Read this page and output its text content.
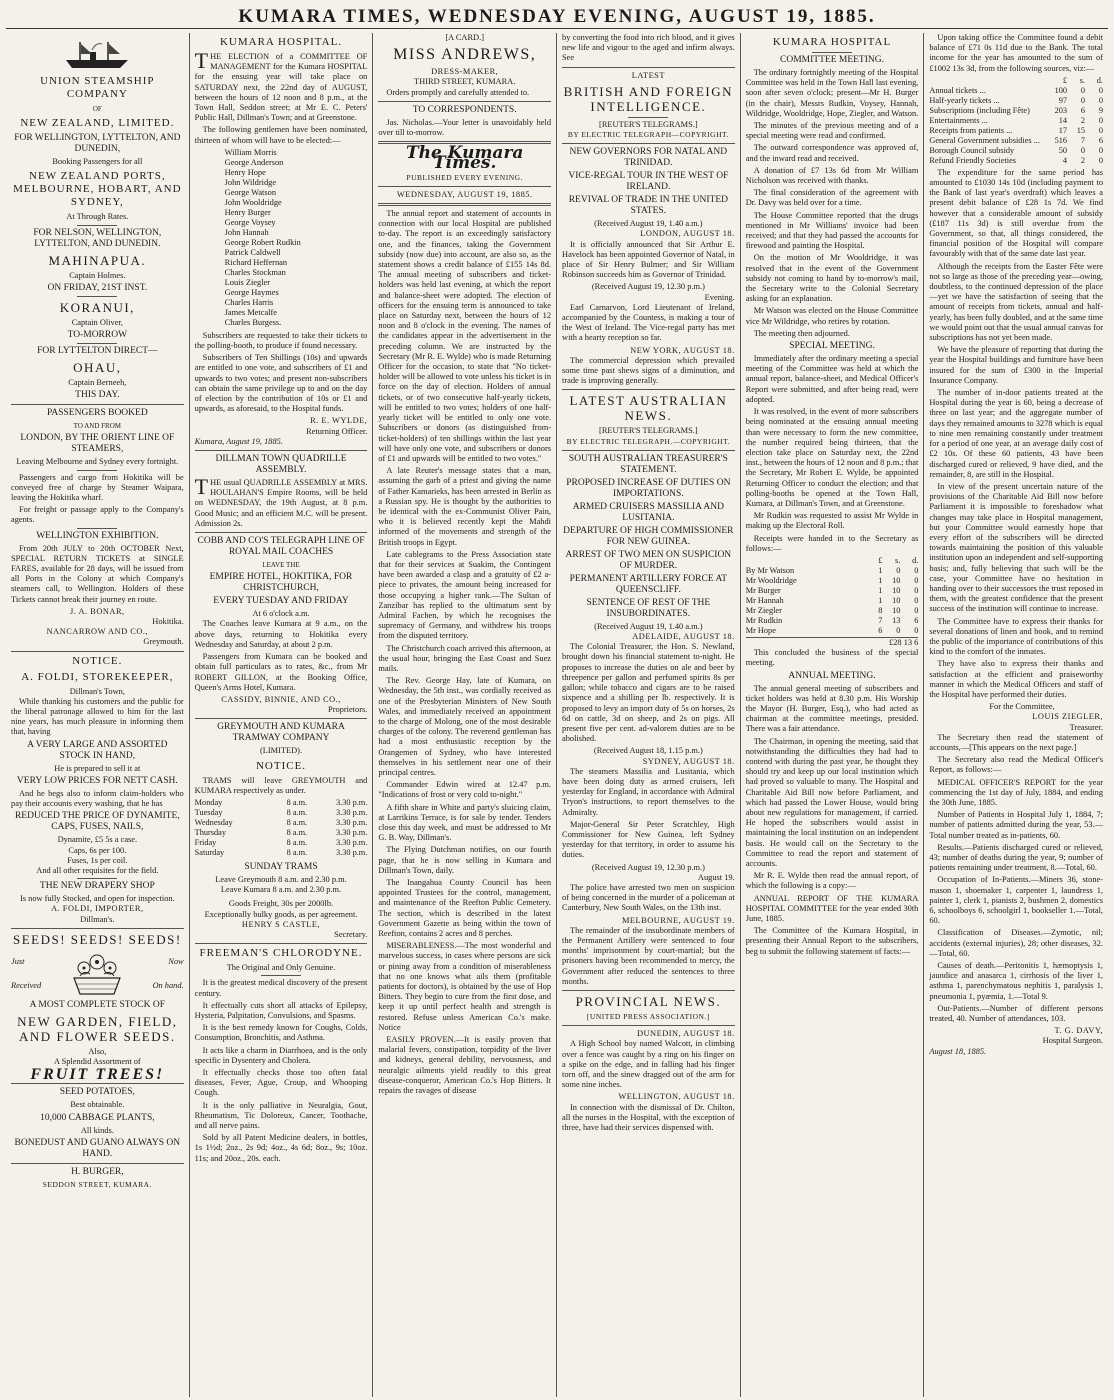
KUMARA TIMES, WEDNESDAY EVENING, AUGUST 19, 1885.
UNION STEAMSHIP COMPANY
OF
NEW ZEALAND, LIMITED.
FOR WELLINGTON, LYTTELTON, AND DUNEDIN,
Booking Passengers for all
NEW ZEALAND PORTS, MELBOURNE, HOBART, AND SYDNEY,
At Through Rates.
FOR NELSON, WELLINGTON, LYTTELTON, AND DUNEDIN.
MAHINAPUA.
Captain Holmes.
ON FRIDAY, 21ST INST.
KORANUI,
Captain Oliver,
TO-MORROW
FOR LYTTELTON DIRECT—
OHAU,
Captain Berneeh,
THIS DAY.
PASSENGERS BOOKED
TO AND FROM
LONDON, BY THE ORIENT LINE OF STEAMERS,
Leaving Melbourne and Sydney every fortnight.

Passengers and cargo from Hokitika will be conveyed free of charge by Steamer Waipara, leaving the Hokitika wharf.

For freight or passage apply to the Company's agents.

WELLINGTON EXHIBITION.

From 20th JULY to 20th OCTOBER Next, SPECIAL RETURN TICKETS at SINGLE FARES, available for 28 days, will be issued from all Ports in the Colony at which Company's steamers call, to Wellington. Holders of these Tickets cannot break their journey en route.

J. A. BONAR,
Hokitika.
NANCARROW AND CO.,
Greymouth.
NOTICE.
A. FOLDI, STOREKEEPER,
Dillman's Town,

While thanking his customers and the public for the liberal patronage allowed to him for the last nine years, has much pleasure in informing them that, having

A VERY LARGE AND ASSORTED STOCK IN HAND,
He is prepared to sell it at
VERY LOW PRICES FOR NETT CASH.

And he begs also to inform claim-holders who pay their accounts every washing, that he has

REDUCED THE PRICE OF DYNAMITE, CAPS, FUSES, NAILS,
Dynamite, £5 5s a case.
Caps, 6s per 100.
Fuses, 1s per coil.
And all other requisites for the field.
THE NEW DRAPERY SHOP
Is now fully Stocked, and open for inspection.
A. FOLDI, IMPORTER,
Dillman's.
SEEDS! SEEDS! SEEDS!
Just
Received
Now
On hand.
A MOST COMPLETE STOCK OF
NEW GARDEN, FIELD, AND FLOWER SEEDS.
Also,
A Splendid Assortment of
FRUIT TREES!
SEED POTATOES,
Best obtainable.
10,000 CABBAGE PLANTS,
All kinds.
BONEDUST AND GUANO ALWAYS ON HAND.
H. BURGER,
SEDDON STREET, KUMARA.
KUMARA HOSPITAL.

THE ELECTION of a COMMITTEE OF MANAGEMENT for the Kumara HOSPITAL for the ensuing year will take place on SATURDAY next, the 22nd day of AUGUST, between the hours of 12 noon and 8 p.m., at the Town Hall, Seddon street; at Mr E. C. Peters' Public Hall, Dillman's Town; and at Greenstone.

The following gentlemen have been nominated, thirteen of whom will have to be elected:—

William Morris
George Anderson
Henry Hope
John Wildridge
George Watson
John Wooldridge
Henry Burger
George Voysey
John Hannah
George Robert Rudkin
Patrick Caldwell
Richard Heffernan
Charles Stockman
Louis Ziegler
George Haymes
Charles Harris
James Metcalfe
Charles Burgess.

Subscribers are requested to take their tickets to the polling-booth, to produce if found necessary.

Subscribers of Ten Shillings (10s) and upwards are entitled to one vote, and subscribers of £1 and upwards to two votes; and present non-subscribers can obtain the same privilege up to and on the day of election by the contribution of 10s or £1 and upwards, as aforesaid, to the Hospital funds.

R. E. WYLDE,
Returning Officer.
Kumara, August 19, 1885.
DILLMAN TOWN QUADRILLE ASSEMBLY.

THE usual QUADRILLE ASSEMBLY at MRS. HOULAHAN'S Empire Rooms, will be held on WEDNESDAY, the 19th August, at 8 p.m. Good Music; and an efficient M.C. will be present. Admission 2s.

COBB AND CO'S TELEGRAPH LINE OF ROYAL MAIL COACHES
LEAVE THE
EMPIRE HOTEL, HOKITIKA, FOR CHRISTCHURCH,
EVERY TUESDAY AND FRIDAY
At 6 o'clock a.m.

The Coaches leave Kumara at 9 a.m., on the above days, returning to Hokitika every Wednesday and Saturday, at about 2 p.m.

Passengers from Kumara can be booked and obtain full particulars as to rates, &c., from Mr ROBERT GILLON, at the Booking Office, Queen's Arms Hotel, Kumara.

CASSIDY, BINNIE, AND CO.,
Proprietors.
GREYMOUTH AND KUMARA TRAMWAY COMPANY
(LIMITED).
NOTICE.

TRAMS will leave GREYMOUTH and KUMARA respectively as under.

Monday	8 a.m.	3.30 p.m.
Tuesday	8 a.m.	3.30 p.m.
Wednesday	8 a.m.	3.30 p.m.
Thursday	8 a.m.	3.30 p.m.
Friday	8 a.m.	3.30 p.m.
Saturday	8 a.m.	3.30 p.m.
SUNDAY TRAMS
Leave Greymouth 8 a.m. and 2.30 p.m.
Leave Kumara 8 a.m. and 2.30 p.m.
Goods Freight, 30s per 2000lb.
Exceptionally bulky goods, as per agreement.
HENRY S CASTLE,
Secretary.
FREEMAN'S CHLORODYNE.
The Original and Only Genuine.

It is the greatest medical discovery of the present century.

It effectually cuts short all attacks of Epilepsy, Hysteria, Palpitation, Convulsions, and Spasms.

It is the best remedy known for Coughs, Colds, Consumption, Bronchitis, and Asthma.

It acts like a charm in Diarrhoea, and is the only specific in Dysentery and Cholera.

It effectually checks those too often fatal diseases, Fever, Ague, Croup, and Whooping Cough.

It is the only palliative in Neuralgia, Gout, Rheumatism, Tic Doloreux, Cancer, Toothache, and all nerve pains.

Sold by all Patent Medicine dealers, in bottles, 1s 1½d; 2oz., 2s 9d; 4oz., 4s 6d; 8oz., 9s; 10oz. 11s; and 20oz., 20s. each.

[A CARD.]
MISS ANDREWS,
DRESS-MAKER,
THIRD STREET, KUMARA.

Orders promptly and carefully attended to.

TO CORRESPONDENTS.

Jas. Nicholas.—Your letter is unavoidably held over till to-morrow.

The Kumara Times.
PUBLISHED EVERY EVENING.
WEDNESDAY, AUGUST 19, 1885.

The annual report and statement of accounts in connection with our local Hospital are published to-day. The report is an exceedingly satisfactory one, and the finances, taking the Government subsidy (now due) into account, are also so, as the statement shows a credit balance of £155 14s 8d. The annual meeting of subscribers and ticket-holders was held last evening, at which the report and balance-sheet were adopted. The election of officers for the ensuing term is announced to take place on Saturday next, between the hours of 12 noon and 8 o'clock in the evening. The names of the candidates appear in the advertisement in the preceding column. We are instructed by the Secretary (Mr R. E. Wylde) who is made Returning Officer for the occasion, to state that "No ticket-holder will be allowed to vote unless his ticket is in force on the day of election. Holders of annual tickets, or of two consecutive half-yearly tickets, will be entitled to two votes; holders of one half-yearly ticket will be entitled to only one vote. Subscribers or donors (as distinguished from-ticket-holders) of ten shillings within the last year will have only one vote, and subscribers or donors of £1 and upwards will be entitled to two votes."

A late Reuter's message states that a man, assuming the garb of a priest and giving the name of Father Kamarieks, has been arrested in Berlin as a Russian spy. He is thought by the authorities to be identical with the ex-Communist Oliver Pain, who it is believed recently kept the Mahdi informed of the movements and strength of the British troops in Egypt.

Late cablegrams to the Press Association state that for their services at Suakim, the Contingent have been awarded a clasp and a gratuity of £2 a-piece to privates, the amount being increased for those occupying a higher rank.—The Sultan of Zanzibar has replied to the ultimatum sent by Admiral Fachen, by which he recognises the supremacy of Germany, and withdrew his troops from the disputed territory.

The Christchurch coach arrived this afternoon, at the usual hour, bringing the East Coast and Suez mails.

The Rev. George Hay, late of Kumara, on Wednesday, the 5th inst., was cordially received as one of the Presbyterian Ministers of New South Wales, and immediately received an appointment to the charge of Molong, one of the most desirable charges of the colony. The reverend gentleman has had a most enthusiastic reception by the Orangemen of Sydney, who have interested themselves in his settlement near one of their principal centres.

Commander Edwin wired at 12.47 p.m. "Indications of frost or very cold to-night."

A fifth share in White and party's sluicing claim, at Larrikins Terrace, is for sale by tender. Tenders close this day week, and must be addressed to Mr G. B. Way, Dillman's.

The Flying Dutchman notifies, on our fourth page, that he is now selling in Kumara and Dillman's Town, daily.

The Inangahua County Council has been appointed Trustees for the control, management, and maintenance of the Reefton Public Cemetery. The section, which is described in the latest Government Gazette as being within the town of Reefton, contains 2 acres and 8 perches.

MISERABLENESS.—The most wonderful and marvelous success, in cases where persons are sick or pining away from a condition of miserableness that no one knows what ails them (profitable patients for doctors), is obtained by the use of Hop Bitters. They begin to cure from the first dose, and keep it up until perfect health and strength is restored. Refuse unless American Co.'s make. Notice

EASILY PROVEN.—It is easily proven that malarial fevers, constipation, torpidity of the liver and kidneys, general debility, nervousness, and neuralgic ailments yield readily to this great disease-conqueror, American Co.'s Hop Bitters. It repairs the ravages of disease

by converting the food into rich blood, and it gives new life and vigour to the aged and infirm always. See

LATEST
BRITISH AND FOREIGN INTELLIGENCE.
[REUTER'S TELEGRAMS.]
BY ELECTRIC TELEGRAPH—COPYRIGHT.
NEW GOVERNORS FOR NATAL AND TRINIDAD.
VICE-REGAL TOUR IN THE WEST OF IRELAND.
REVIVAL OF TRADE IN THE UNITED STATES.
(Received August 19, 1.40 a.m.)
LONDON, AUGUST 18.

It is officially announced that Sir Arthur E. Havelock has been appointed Governor of Natal, in place of Sir Henry Bulmer; and Sir William Robinson succeeds him as Governor of Trinidad.

(Received August 19, 12.30 p.m.)
Evening.

Earl Carnarvon, Lord Lieutenant of Ireland, accompanied by the Countess, is making a tour of the West of Ireland. The Vice-regal party has met with a hearty reception so far.

NEW YORK, AUGUST 18.

The commercial depression which prevailed some time past shews signs of a diminution, and trade is improving generally.

LATEST AUSTRALIAN NEWS.
[REUTER'S TELEGRAMS.]
BY ELECTRIC TELEGRAPH.—COPYRIGHT.
SOUTH AUSTRALIAN TREASURER'S STATEMENT.
PROPOSED INCREASE OF DUTIES ON IMPORTATIONS.
ARMED CRUISERS MASSILIA AND LUSITANIA.
DEPARTURE OF HIGH COMMISSIONER FOR NEW GUINEA.
ARREST OF TWO MEN ON SUSPICION OF MURDER.
PERMANENT ARTILLERY FORCE AT QUEENSCLIFF.
SENTENCE OF REST OF THE INSUBORDINATES.
(Received August 19, 1.40 a.m.)
ADELAIDE, AUGUST 18.

The Colonial Treasurer, the Hon. S. Newland, brought down his financial statement to-night. He proposes to increase the duties on ale and beer by threepence per gallon and perfumed spirits 8s per gallon; while tobacco and cigars are to be raised sixpence and a shilling per lb. respectively. It is proposed to levy an import duty of 5s on horses, 2s 6d on cattle, 3d on sheep, and 2s on pigs. All present five per cent. ad-valorem duties are to be abolished.

(Received August 18, 1.15 p.m.)
SYDNEY, AUGUST 18.

The steamers Massilia and Lusitania, which have been doing duty as armed cruisers, left yesterday for England, in accordance with Admiral Tryon's instructions, to report themselves to the Admiralty.

Major-General Sir Peter Scratchley, High Commissioner for New Guinea, left Sydney yesterday for that territory, in order to assume his duties.

(Received August 19, 12.30 p.m.)
August 19.

The police have arrested two men on suspicion of being concerned in the murder of a policeman at Canterbury, New South Wales, on the 13th inst.

MELBOURNE, AUGUST 19.

The remainder of the insubordinate members of the Permanent Artillery were sentenced to four months' imprisonment by court-martial; but the prisoners having been recommended to mercy, the Government after reduced the sentences to three months.

PROVINCIAL NEWS.
[UNITED PRESS ASSOCIATION.]
DUNEDIN, AUGUST 18.

A High School boy named Walcott, in climbing over a fence was caught by a ring on his finger on a spike on the edge, and in falling had his finger torn off, and the sinew dragged out of the arm for some nine inches.

WELLINGTON, AUGUST 18.

In connection with the dismissal of Dr. Chilton, all the nurses in the Hospital, with the exception of three, have had their services dispensed with.

KUMARA HOSPITAL
COMMITTEE MEETING.

The ordinary fortnightly meeting of the Hospital Committee was held in the Town Hall last evening, soon after seven o'clock; present—Mr H. Burger (in the chair), Messrs Rudkin, Voysey, Hannah, Wildridge, Wooldridge, Hope, Ziegler, and Watson.

The minutes of the previous meeting and of a special meeting were read and confirmed.

The outward correspondence was approved of, and the inward read and received.

A donation of £7 13s 6d from Mr William Nicholson was received with thanks.

The final consideration of the agreement with Dr. Davy was held over for a time.

The House Committee reported that the drugs mentioned in Mr Williams' invoice had been received; and that they had passed the accounts for firewood and painting the Hospital.

On the motion of Mr Wooldridge, it was resolved that in the event of the Government subsidy not coming to hand by to-morrow's mail, the Secretary write to the Colonial Secretary asking for an explanation.

Mr Watson was elected on the House Committee vice Mr Wildridge, who retires by rotation.

The meeting then adjourned.

SPECIAL MEETING.

Immediately after the ordinary meeting a special meeting of the Committee was held at which the annual report, balance-sheet, and Medical Officer's Report were submitted, and after being read, were adopted.

It was resolved, in the event of more subscribers being nominated at the ensuing annual meeting than were necessary to form the new committee, the number required being thirteen, that the election take place on Saturday next, the 22nd inst., between the hours of 12 noon and 8 p.m.; that the Secretary, Mr Robert E. Wylde, be appointed Returning Officer to conduct the election; and that polling-booths be opened at the Town Hall, Kumara, at Dillman's Town, and at Greenstone.

Mr Rudkin was requested to assist Mr Wylde in making up the Electoral Roll.

Receipts were handed in to the Secretary as follows:—

	£	s.	d.
By Mr Watson	1	0	0
Mr Wooldridge	1	10	0
Mr Burger	1	10	0
Mr Hannah	1	10	0
Mr Ziegler	8	10	0
Mr Rudkin	7	13	6
Mr Hope	6	0	0
£28 13 6

This concluded the business of the special meeting.

ANNUAL MEETING.

The annual general meeting of subscribers and ticket holders was held at 8.30 p.m. His Worship the Mayor (H. Burger, Esq.), who had acted as chairman at the committee meetings, presided. There was a fair attendance.

The Chairman, in opening the meeting, said that notwithstanding the difficulties they had had to contend with during the past year, he thought they should try and keep up our local institution which had proved so valuable to many. The Hospital and Charitable Aid Bill now before Parliament, and which had passed the Lower House, would bring about new regulations for management, if carried. He hoped the subscribers would assist in maintaining the local institution on an independent basis. He would call on the Secretary to the Committee to read the report and statement of accounts.

Mr R. E. Wylde then read the annual report, of which the following is a copy:—

ANNUAL REPORT OF THE KUMARA HOSPITAL COMMITTEE for the year ended 30th June, 1885.

The Committee of the Kumara Hospital, in presenting their Annual Report to the subscribers, beg to submit the following statement of facts:—

Upon taking office the Committee found a debit balance of £71 0s 11d due to the Bank. The total income for the year has amounted to the sum of £1002 13s 3d, from the following sources, viz:—

	£	s.	d.
Annual tickets ...	100	0	0
Half-yearly tickets ...	97	0	0
Subscriptions (including Fête)	203	6	9
Entertainments ...	14	2	0
Receipts from patients ...	17	15	0
General Government subsidies ...	516	7	6
Borough Council subsidy	50	0	0
Refund Friendly Societies	4	2	0

The expenditure for the same period has amounted to £1030 14s 10d (including payment to the Bank of last year's overdraft) which leaves a present debit balance of £28 1s 7d. We find however that a considerable amount of subsidy (£187 11s 3d) is still overdue from the Government, so that, all things considered, the financial position of the Hospital will compare favourably with that of the same date last year.

Although the receipts from the Easter Fête were not so large as those of the preceding year—owing, doubtless, to the continued depression of the place—yet we have the satisfaction of seeing that the amount of receipts from tickets, annual and half-yearly, has been fully doubled, and at the same time we would point out that the usual annual canvas for subscriptions has not yet been made.

We have the pleasure of reporting that during the year the Hospital buildings and furniture have been insured for the sum of £300 in the Imperial Insurance Company.

The number of in-door patients treated at the Hospital during the year is 60, being a decrease of three on last year; and the aggregate number of days they remained amounts to 3278 which is equal to nine men remaining constantly under treatment for a period of one year, at an average daily cost of £2 10s. Of these 60 patients, 43 have been discharged cured or relieved, 9 have died, and the remainder, 8, are still in the Hospital.

In view of the present uncertain nature of the provisions of the Charitable Aid Bill now before Parliament it is impossible to foreshadow what changes may take place in Hospital management, but your Committee would earnestly hope that every effort of the subscribers will be directed towards maintaining the position of this valuable institution upon an independent and self-supporting basis; and, fully believing that such will be the case, your Committee have no hesitation in handing over to their successors the trust reposed in them, with the greatest confidence that the present success of the institution will continue to increase.

The Committee have to express their thanks for several donations of linen and book, and to remind the public of the importance of contributions of this kind to the comfort of the inmates.

They have also to express their thanks and satisfaction at the efficient and praiseworthy manner in which the Medical Officers and staff of the Hospital have performed their duties.

For the Committee,
LOUIS ZIEGLER,
Treasurer.

The Secretary then read the statement of accounts,—[This appears on the next page.]

The Secretary also read the Medical Officer's Report, as follows:—

MEDICAL OFFICER'S REPORT for the year commencing the 1st day of July, 1884, and ending the 30th June, 1885.

Number of Patients in Hospital July 1, 1884, 7; number of patients admitted during the year, 53.—Total number treated as in-patients, 60.

Results.—Patients discharged cured or relieved, 43; number of deaths during the year, 9; number of patients remaining under treatment, 8.—Total, 60.

Occupation of In-Patients.—Miners 36, stone-mason 1, shoemaker 1, carpenter 1, laundress 1, painter 1, clerk 1, pianists 2, bushmen 2, domestics 6, schoolboys 6, schoolgirl 1, bookseller 1.—Total, 60.

Classification of Diseases.—Zymotic, nil; accidents (external injuries), 28; other diseases, 32.—Total, 60.

Causes of death.—Peritonitis 1, hæmoptysis 1, jaundice and anasarca 1, cirrhosis of the liver 1, asthma 1, parenchymatous nephitis 1, paralysis 1, pneumonia 1, pyæmia, 1.—Total 9.

Out-Patients.—Number of different persons treated, 40. Number of attendances, 103.

T. G. DAVY,
Hospital Surgeon.
August 18, 1885.
